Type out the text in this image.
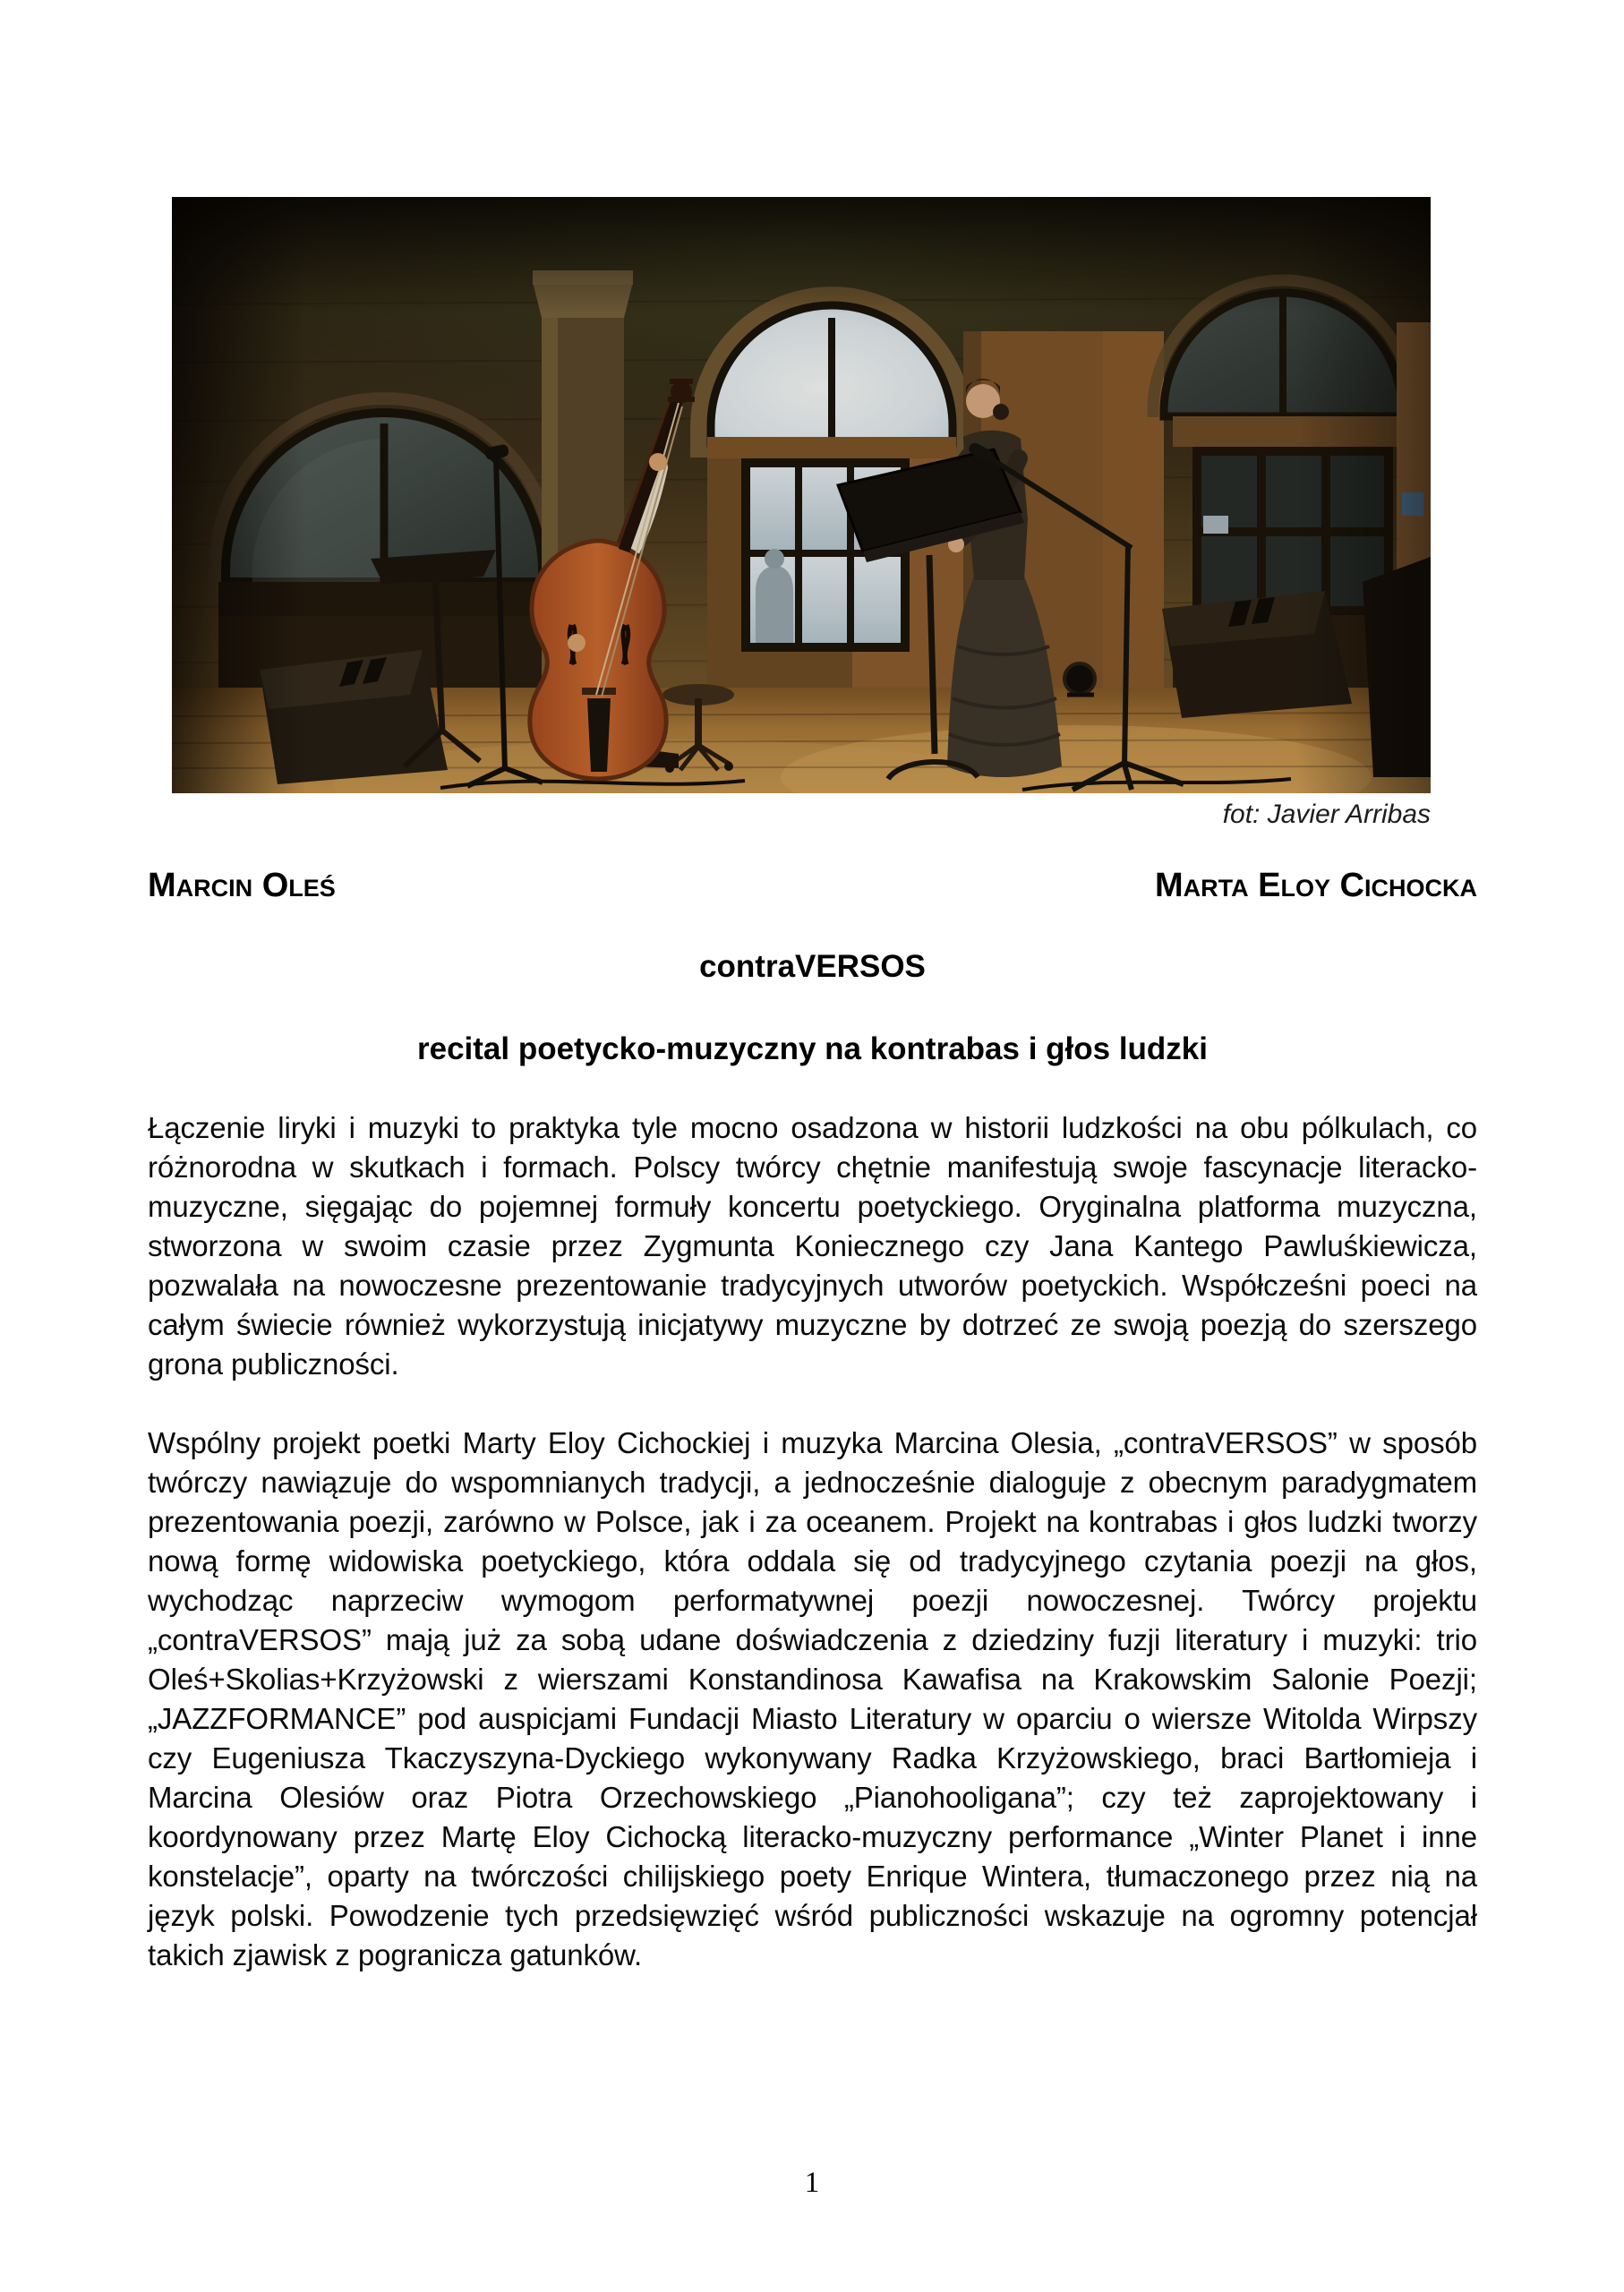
fot: Javier Arribas
Marcin Oleś	Marta Eloy Cichocka
contraVERSOS
recital poetycko-muzyczny na kontrabas i głos ludzki

Łączenie liryki i muzyki to praktyka tyle mocno osadzona w historii ludzkości na obu pólkulach, co różnorodna w skutkach i formach. Polscy twórcy chętnie manifestują swoje fascynacje literacko-muzyczne, sięgając do pojemnej formuły koncertu poetyckiego. Oryginalna platforma muzyczna, stworzona w swoim czasie przez Zygmunta Koniecznego czy Jana Kantego Pawluśkiewicza, pozwalała na nowoczesne prezentowanie tradycyjnych utworów poetyckich. Współcześni poeci na całym świecie również wykorzystują inicjatywy muzyczne by dotrzeć ze swoją poezją do szerszego grona publiczności.

Wspólny projekt poetki Marty Eloy Cichockiej i muzyka Marcina Olesia, „contraVERSOS” w sposób twórczy nawiązuje do wspomnianych tradycji, a jednocześnie dialoguje z obecnym paradygmatem prezentowania poezji, zarówno w Polsce, jak i za oceanem. Projekt na kontrabas i głos ludzki tworzy nową formę widowiska poetyckiego, która oddala się od tradycyjnego czytania poezji na głos, wychodząc naprzeciw wymogom performatywnej poezji nowoczesnej. Twórcy projektu „contraVERSOS” mają już za sobą udane doświadczenia z dziedziny fuzji literatury i muzyki: trio Oleś+Skolias+Krzyżowski z wierszami Konstandinosa Kawafisa na Krakowskim Salonie Poezji; „JAZZFORMANCE” pod auspicjami Fundacji Miasto Literatury w oparciu o wiersze Witolda Wirpszy czy Eugeniusza Tkaczyszyna-Dyckiego wykonywany Radka Krzyżowskiego, braci Bartłomieja i Marcina Olesiów oraz Piotra Orzechowskiego „Pianohooligana”; czy też zaprojektowany i koordynowany przez Martę Eloy Cichocką literacko-muzyczny performance „Winter Planet i inne konstelacje”, oparty na twórczości chilijskiego poety Enrique Wintera, tłumaczonego przez nią na język polski. Powodzenie tych przedsięwzięć wśród publiczności wskazuje na ogromny potencjał takich zjawisk z pogranicza gatunków.

1
